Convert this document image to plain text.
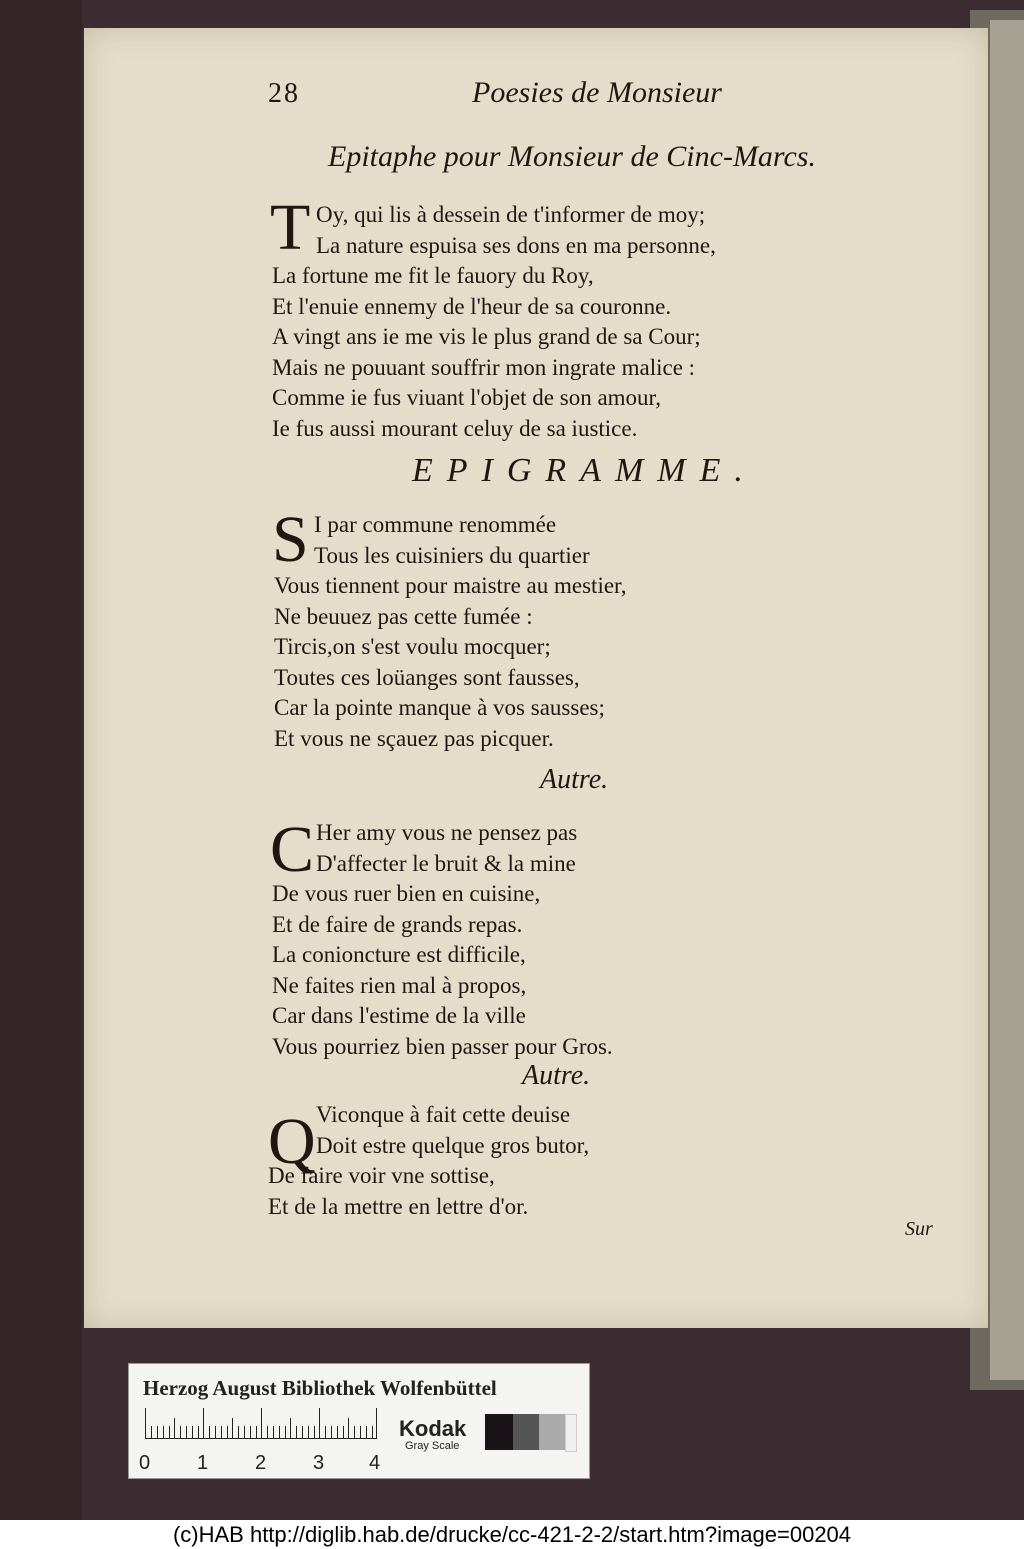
28	Poesies de Monsieur
Epitaphe pour Monsieur de Cinc-Marcs.
T Oy, qui lis à dessein de t'informer de moy;
La nature espuisa ses dons en ma personne,
La fortune me fit le fauory du Roy,
Et l'enuie ennemy de l'heur de sa couronne.
A vingt ans ie me vis le plus grand de sa Cour;
Mais ne pouuant souffrir mon ingrate malice :
Comme ie fus viuant l'objet de son amour,
Ie fus aussi mourant celuy de sa iustice.
EPIGRAMME.
S I par commune renommée
Tous les cuisiniers du quartier
Vous tiennent pour maistre au mestier,
Ne beuuez pas cette fumée :
Tircis,on s'est voulu mocquer;
Toutes ces loüanges sont fausses,
Car la pointe manque à vos sausses;
Et vous ne sçauez pas picquer.
Autre.
C Her amy vous ne pensez pas
D'affecter le bruit & la mine
De vous ruer bien en cuisine,
Et de faire de grands repas.
La conioncture est difficile,
Ne faites rien mal à propos,
Car dans l'estime de la ville
Vous pourriez bien passer pour Gros.
Autre.
Q Viconque à fait cette deuise
Doit estre quelque gros butor,
De faire voir vne sottise,
Et de la mettre en lettre d'or.
Sur
Herzog August Bibliothek Wolfenbüttel
0 1 2 3 4
Kodak
Gray Scale
(c)HAB http://diglib.hab.de/drucke/cc-421-2-2/start.htm?image=00204
